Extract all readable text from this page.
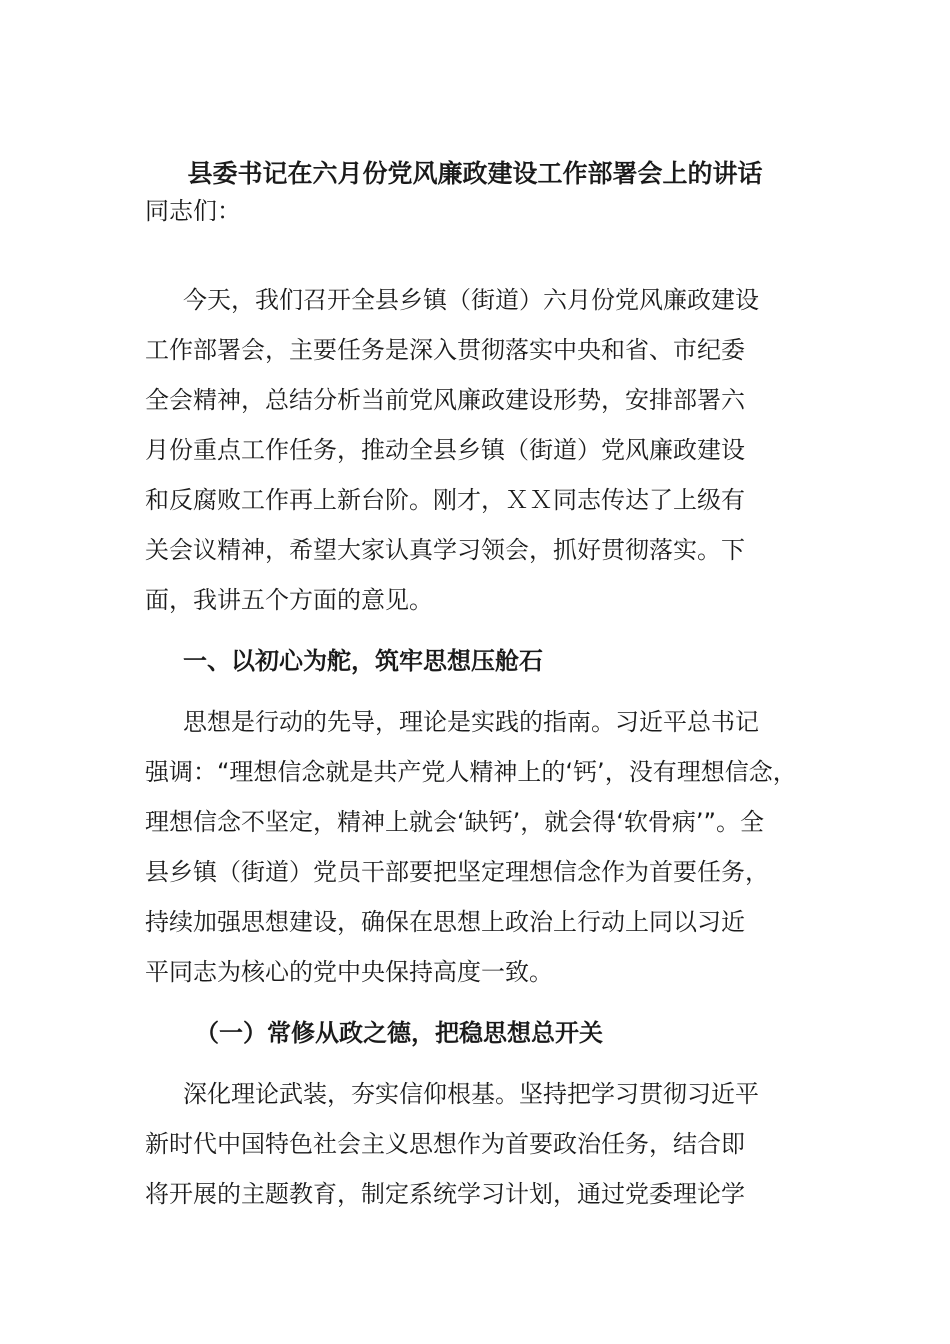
县委书记在六月份党风廉政建设工作部署会上的讲话

同志们：

今天，我们召开全县乡镇（街道）六月份党风廉政建设
工作部署会，主要任务是深入贯彻落实中央和省、市纪委
全会精神，总结分析当前党风廉政建设形势，安排部署六
月份重点工作任务，推动全县乡镇（街道）党风廉政建设
和反腐败工作再上新台阶。刚才，ＸＸ同志传达了上级有
关会议精神，希望大家认真学习领会，抓好贯彻落实。下
面，我讲五个方面的意见。

一、以初心为舵，筑牢思想压舱石

思想是行动的先导，理论是实践的指南。习近平总书记
强调：“理想信念就是共产党人精神上的‘钙’，没有理想信念，
理想信念不坚定，精神上就会‘缺钙’，就会得‘软骨病’”。全
县乡镇（街道）党员干部要把坚定理想信念作为首要任务，
持续加强思想建设，确保在思想上政治上行动上同以习近
平同志为核心的党中央保持高度一致。

（一）常修从政之德，把稳思想总开关

深化理论武装，夯实信仰根基。坚持把学习贯彻习近平
新时代中国特色社会主义思想作为首要政治任务，结合即
将开展的主题教育，制定系统学习计划，通过党委理论学
